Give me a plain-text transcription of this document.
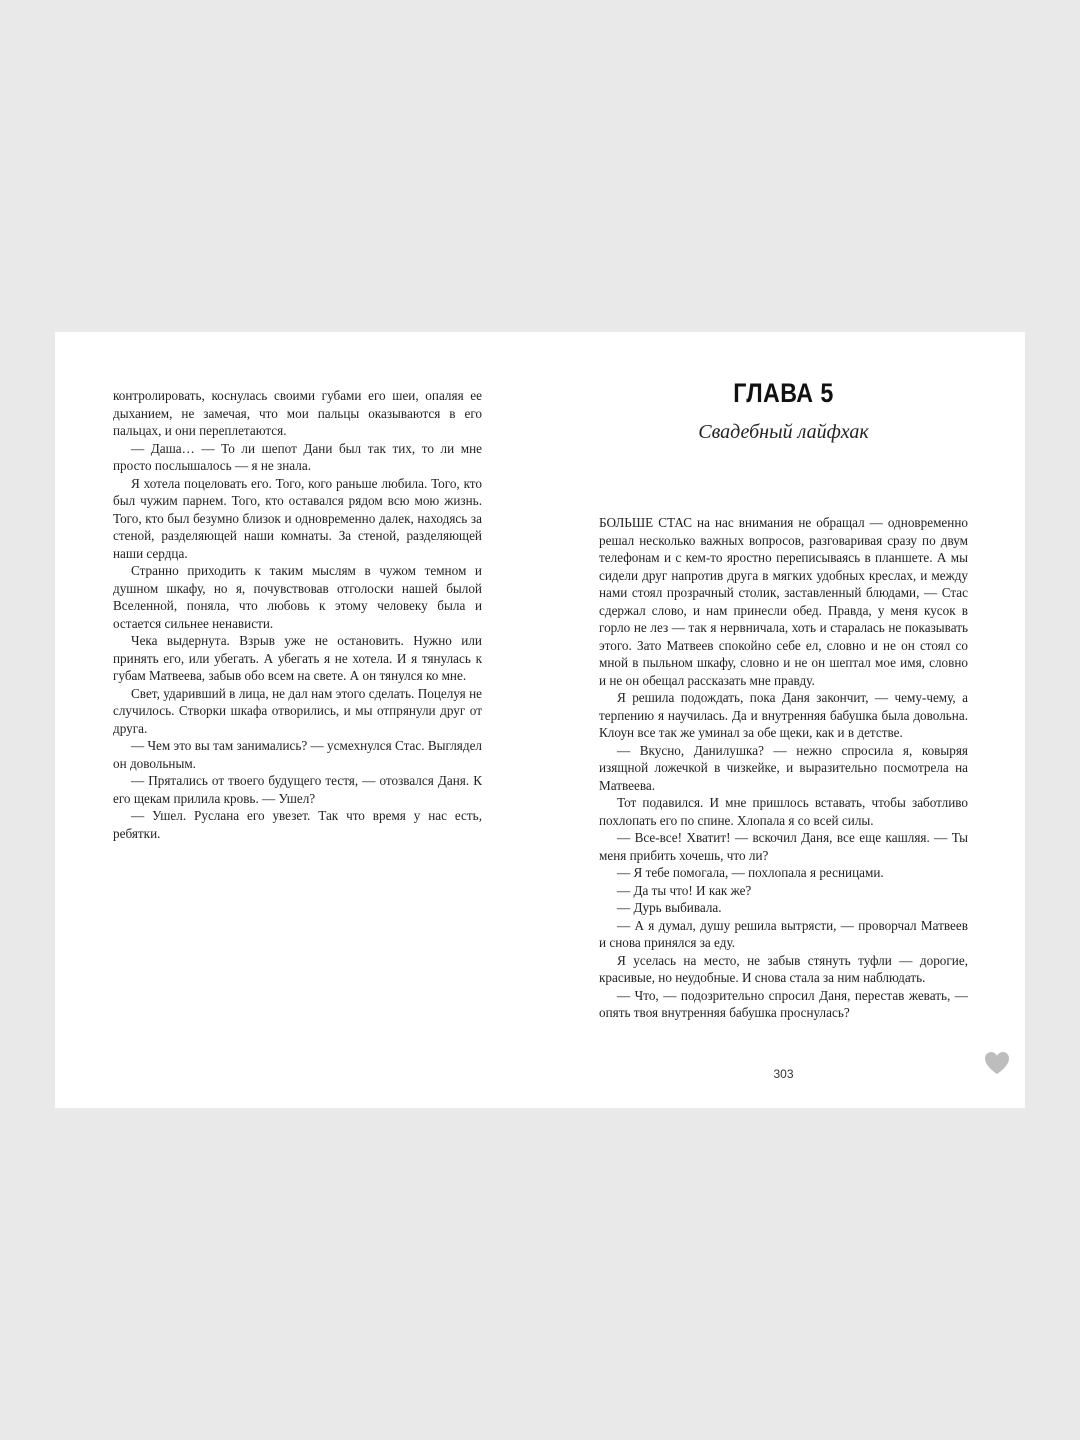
контролировать, коснулась своими губами его шеи, опаляя ее дыханием, не замечая, что мои пальцы оказываются в его пальцах, и они переплетаются.

— Даша… — То ли шепот Дани был так тих, то ли мне просто послышалось — я не знала.

Я хотела поцеловать его. Того, кого раньше любила. Того, кто был чужим парнем. Того, кто оставался рядом всю мою жизнь. Того, кто был безумно близок и одновременно далек, находясь за стеной, разделяющей наши комнаты. За стеной, разделяющей наши сердца.

Странно приходить к таким мыслям в чужом темном и душном шкафу, но я, почувствовав отголоски нашей былой Вселенной, поняла, что любовь к этому человеку была и остается сильнее ненависти.

Чека выдернута. Взрыв уже не остановить. Нужно или принять его, или убегать. А убегать я не хотела. И я тянулась к губам Матвеева, забыв обо всем на свете. А он тянулся ко мне.

Свет, ударивший в лица, не дал нам этого сделать. Поцелуя не случилось. Створки шкафа отворились, и мы отпрянули друг от друга.

— Чем это вы там занимались? — усмехнулся Стас. Выглядел он довольным.

— Прятались от твоего будущего тестя, — отозвался Даня. К его щекам прилила кровь. — Ушел?

— Ушел. Руслана его увезет. Так что время у нас есть, ребятки.

ГЛАВА 5
Свадебный лайфхак

БОЛЬШЕ СТАС на нас внимания не обращал — одновременно решал несколько важных вопросов, разговаривая сразу по двум телефонам и с кем-то яростно переписываясь в планшете. А мы сидели друг напротив друга в мягких удобных креслах, и между нами стоял прозрачный столик, заставленный блюдами, — Стас сдержал слово, и нам принесли обед. Правда, у меня кусок в горло не лез — так я нервничала, хоть и старалась не показывать этого. Зато Матвеев спокойно себе ел, словно и не он стоял со мной в пыльном шкафу, словно и не он шептал мое имя, словно и не он обещал рассказать мне правду.

Я решила подождать, пока Даня закончит, — чему-чему, а терпению я научилась. Да и внутренняя бабушка была довольна. Клоун все так же уминал за обе щеки, как и в детстве.

— Вкусно, Данилушка? — нежно спросила я, ковыряя изящной ложечкой в чизкейке, и выразительно посмотрела на Матвеева.

Тот подавился. И мне пришлось вставать, чтобы заботливо похлопать его по спине. Хлопала я со всей силы.

— Все-все! Хватит! — вскочил Даня, все еще кашляя. — Ты меня прибить хочешь, что ли?

— Я тебе помогала, — похлопала я ресницами.

— Да ты что! И как же?

— Дурь выбивала.

— А я думал, душу решила вытрясти, — проворчал Матвеев и снова принялся за еду.

Я уселась на место, не забыв стянуть туфли — дорогие, красивые, но неудобные. И снова стала за ним наблюдать.

— Что, — подозрительно спросил Даня, перестав жевать, — опять твоя внутренняя бабушка проснулась?

303
